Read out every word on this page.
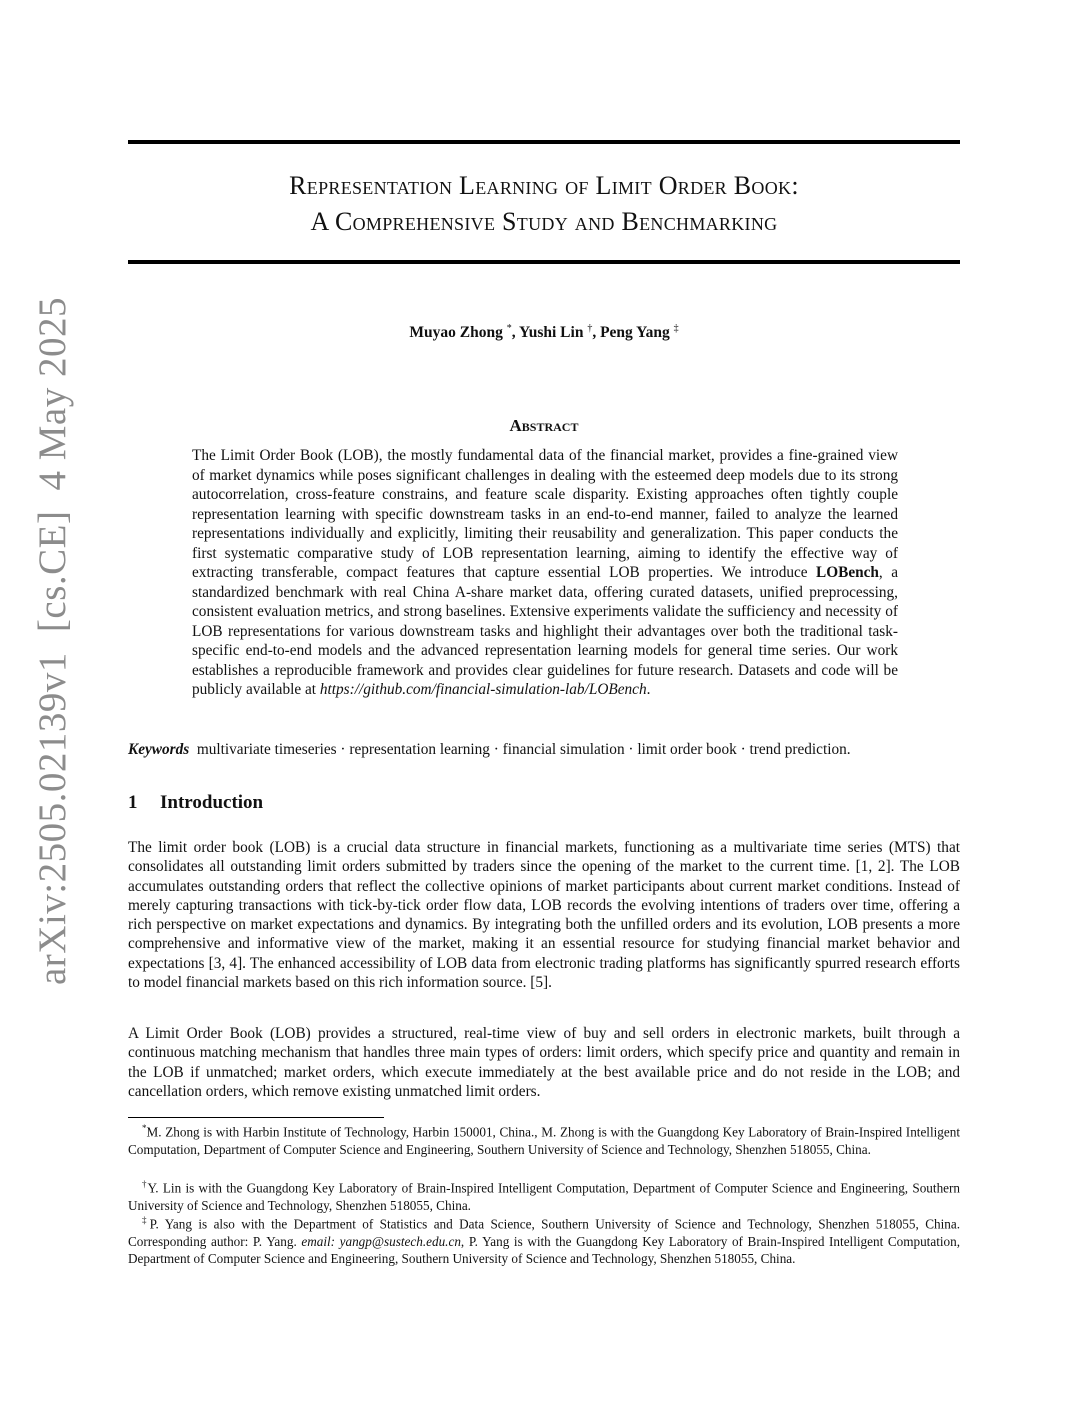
arXiv:2505.02139v1[cs.CE]4 May 2025
Representation Learning of Limit Order Book:
A Comprehensive Study and Benchmarking
Muyao Zhong *, Yushi Lin †, Peng Yang ‡
Abstract
The Limit Order Book (LOB), the mostly fundamental data of the financial market, provides a fine-grained view of market dynamics while poses significant challenges in dealing with the esteemed deep models due to its strong autocorrelation, cross-feature constrains, and feature scale disparity. Existing approaches often tightly couple representation learning with specific downstream tasks in an end-to-end manner, failed to analyze the learned representations individually and explicitly, limiting their reusability and generalization. This paper conducts the first systematic comparative study of LOB representation learning, aiming to identify the effective way of extracting transferable, compact features that capture essential LOB properties. We introduce LOBench, a standardized benchmark with real China A-share market data, offering curated datasets, unified preprocessing, consistent evaluation metrics, and strong baselines. Extensive experiments validate the sufficiency and necessity of LOB representations for various downstream tasks and highlight their advantages over both the traditional task-specific end-to-end models and the advanced representation learning models for general time series. Our work establishes a reproducible framework and provides clear guidelines for future research. Datasets and code will be publicly available at https://github.com/financial-simulation-lab/LOBench.
Keywords multivariate timeseries · representation learning · financial simulation · limit order book · trend prediction.
1 Introduction
The limit order book (LOB) is a crucial data structure in financial markets, functioning as a multivariate time series (MTS) that consolidates all outstanding limit orders submitted by traders since the opening of the market to the current time. [1, 2]. The LOB accumulates outstanding orders that reflect the collective opinions of market participants about current market conditions. Instead of merely capturing transactions with tick-by-tick order flow data, LOB records the evolving intentions of traders over time, offering a rich perspective on market expectations and dynamics. By integrating both the unfilled orders and its evolution, LOB presents a more comprehensive and informative view of the market, making it an essential resource for studying financial market behavior and expectations [3, 4]. The enhanced accessibility of LOB data from electronic trading platforms has significantly spurred research efforts to model financial markets based on this rich information source. [5].
A Limit Order Book (LOB) provides a structured, real-time view of buy and sell orders in electronic markets, built through a continuous matching mechanism that handles three main types of orders: limit orders, which specify price and quantity and remain in the LOB if unmatched; market orders, which execute immediately at the best available price and do not reside in the LOB; and cancellation orders, which remove existing unmatched limit orders.
*M. Zhong is with Harbin Institute of Technology, Harbin 150001, China., M. Zhong is with the Guangdong Key Laboratory of Brain-Inspired Intelligent Computation, Department of Computer Science and Engineering, Southern University of Science and Technology, Shenzhen 518055, China.
†Y. Lin is with the Guangdong Key Laboratory of Brain-Inspired Intelligent Computation, Department of Computer Science and Engineering, Southern University of Science and Technology, Shenzhen 518055, China.
‡P. Yang is also with the Department of Statistics and Data Science, Southern University of Science and Technology, Shenzhen 518055, China. Corresponding author: P. Yang. email: yangp@sustech.edu.cn, P. Yang is with the Guangdong Key Laboratory of Brain-Inspired Intelligent Computation, Department of Computer Science and Engineering, Southern University of Science and Technology, Shenzhen 518055, China.
